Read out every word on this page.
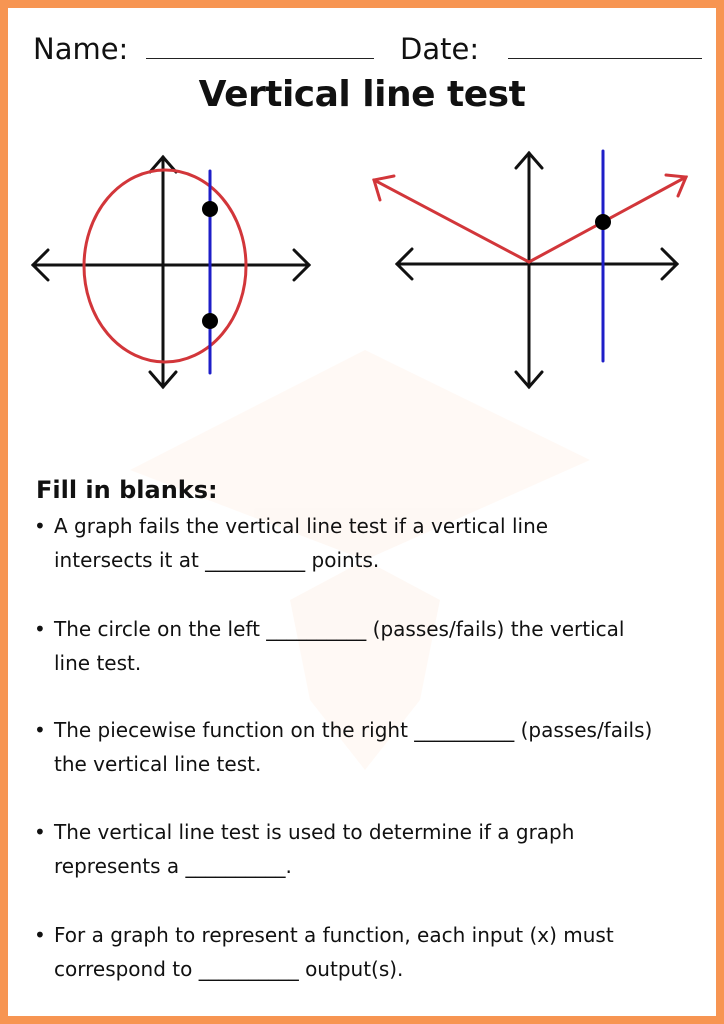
Name:	Date:
Vertical line test
Fill in blanks:
• A graph fails the vertical line test if a vertical line
intersects it at __________ points.
• The circle on the left __________ (passes/fails) the vertical
line test.
• The piecewise function on the right __________ (passes/fails)
the vertical line test.
• The vertical line test is used to determine if a graph
represents a __________.
• For a graph to represent a function, each input (x) must
correspond to __________ output(s).
